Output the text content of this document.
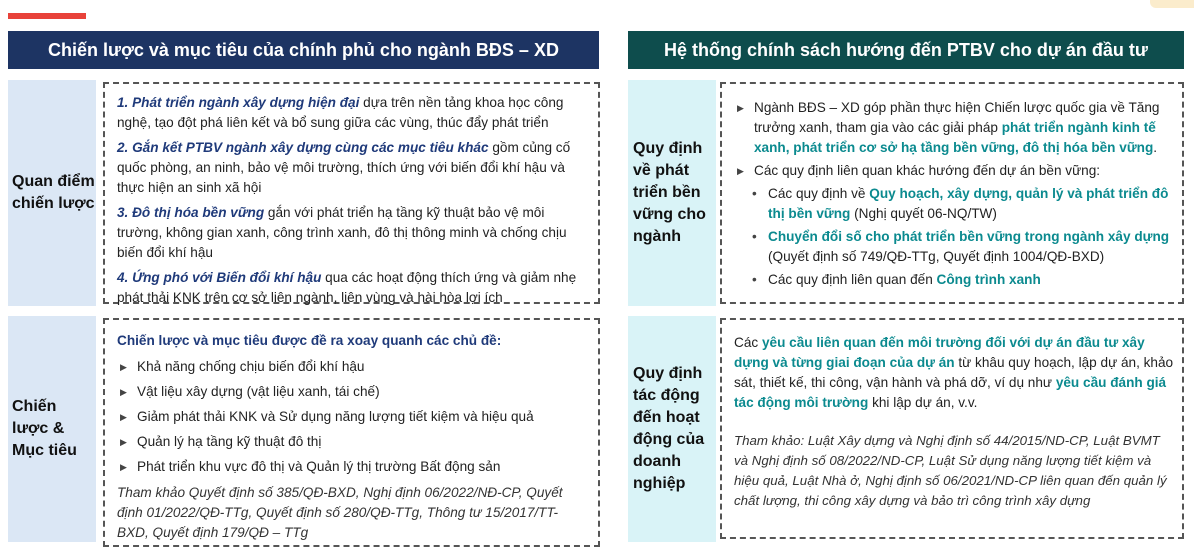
Chiến lược và mục tiêu của chính phủ cho ngành BĐS – XD
Quan điểm chiến lược

1. Phát triển ngành xây dựng hiện đại dựa trên nền tảng khoa học công nghệ, tạo đột phá liên kết và bổ sung giữa các vùng, thúc đẩy phát triển

2. Gắn kết PTBV ngành xây dựng cùng các mục tiêu khác gồm củng cố quốc phòng, an ninh, bảo vệ môi trường, thích ứng với biến đổi khí hậu và thực hiện an sinh xã hội

3. Đô thị hóa bền vững gắn với phát triển hạ tầng kỹ thuật bảo vệ môi trường, không gian xanh, công trình xanh, đô thị thông minh và chống chịu biến đổi khí hậu

4. Ứng phó với Biến đổi khí hậu qua các hoạt động thích ứng và giảm nhẹ phát thải KNK trên cơ sở liên ngành, liên vùng và hài hòa lợi ích

Chiến lược & Mục tiêu

Chiến lược và mục tiêu được đề ra xoay quanh các chủ đề:

▶ Khả năng chống chịu biến đổi khí hậu
▶ Vật liệu xây dựng (vật liệu xanh, tái chế)
▶ Giảm phát thải KNK và Sử dụng năng lượng tiết kiệm và hiệu quả
▶ Quản lý hạ tầng kỹ thuật đô thị
▶ Phát triển khu vực đô thị và Quản lý thị trường Bất động sản

Tham khảo Quyết định số 385/QĐ-BXD, Nghị định 06/2022/NĐ-CP, Quyết định 01/2022/QĐ-TTg, Quyết định số 280/QĐ-TTg, Thông tư 15/2017/TT-BXD, Quyết định 179/QĐ – TTg

Hệ thống chính sách hướng đến PTBV cho dự án đầu tư
Quy định về phát triển bền vững cho ngành
▶ Ngành BĐS – XD góp phần thực hiện Chiến lược quốc gia về Tăng trưởng xanh, tham gia vào các giải pháp phát triển ngành kinh tế xanh, phát triển cơ sở hạ tầng bền vững, đô thị hóa bền vững.
▶ Các quy định liên quan khác hướng đến dự án bền vững:
• Các quy định về Quy hoạch, xây dựng, quản lý và phát triển đô thị bền vững (Nghị quyết 06-NQ/TW)
• Chuyển đổi số cho phát triển bền vững trong ngành xây dựng (Quyết định số 749/QĐ-TTg, Quyết định 1004/QĐ-BXD)
• Các quy định liên quan đến Công trình xanh
Quy định tác động đến hoạt động của doanh nghiệp

Các yêu cầu liên quan đến môi trường đối với dự án đầu tư xây dựng và từng giai đoạn của dự án từ khâu quy hoạch, lập dự án, khảo sát, thiết kế, thi công, vận hành và phá dỡ, ví dụ như yêu cầu đánh giá tác động môi trường khi lập dự án, v.v.

Tham khảo: Luật Xây dựng và Nghị định số 44/2015/ND-CP, Luật BVMT và Nghị định số 08/2022/ND-CP, Luật Sử dụng năng lượng tiết kiệm và hiệu quả, Luật Nhà ở, Nghị định số 06/2021/ND-CP liên quan đến quản lý chất lượng, thi công xây dựng và bảo trì công trình xây dựng
